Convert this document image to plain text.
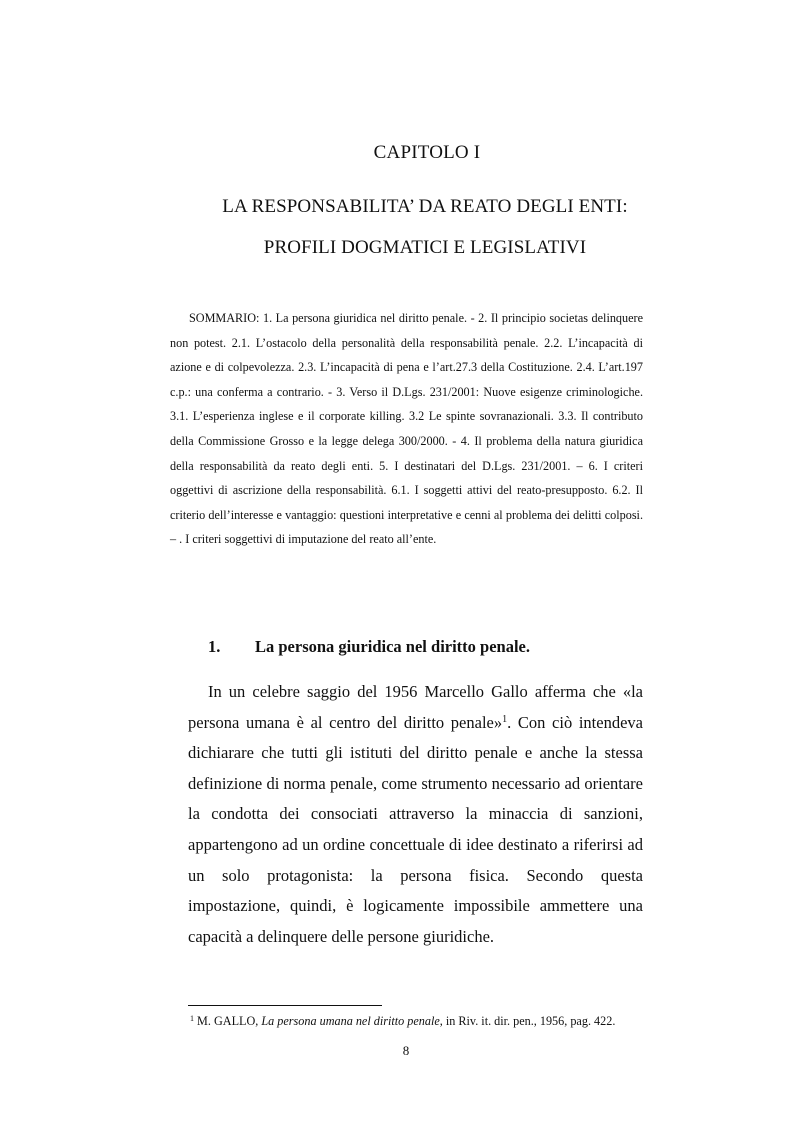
CAPITOLO I
LA RESPONSABILITA’ DA REATO DEGLI ENTI:
PROFILI DOGMATICI E LEGISLATIVI

SOMMARIO: 1. La persona giuridica nel diritto penale. - 2. Il principio societas delinquere non potest. 2.1. L’ostacolo della personalità della responsabilità penale. 2.2. L’incapacità di azione e di colpevolezza. 2.3. L’incapacità di pena e l’art.27.3 della Costituzione. 2.4. L’art.197 c.p.: una conferma a contrario. - 3. Verso il D.Lgs. 231/2001: Nuove esigenze criminologiche. 3.1. L’esperienza inglese e il corporate killing. 3.2 Le spinte sovranazionali. 3.3. Il contributo della Commissione Grosso e la legge delega 300/2000. - 4. Il problema della natura giuridica della responsabilità da reato degli enti. 5. I destinatari del D.Lgs. 231/2001. – 6. I criteri oggettivi di ascrizione della responsabilità. 6.1. I soggetti attivi del reato-presupposto. 6.2. Il criterio dell’interesse e vantaggio: questioni interpretative e cenni al problema dei delitti colposi. – . I criteri soggettivi di imputazione del reato all’ente.

1. La persona giuridica nel diritto penale.

In un celebre saggio del 1956 Marcello Gallo afferma che «la persona umana è al centro del diritto penale»$^1$. Con ciò intendeva dichiarare che tutti gli istituti del diritto penale e anche la stessa definizione di norma penale, come strumento necessario ad orientare la condotta dei consociati attraverso la minaccia di sanzioni, appartengono ad un ordine concettuale di idee destinato a riferirsi ad un solo protagonista: la persona fisica. Secondo questa impostazione, quindi, è logicamente impossibile ammettere una capacità a delinquere delle persone giuridiche.

$^1$ M. GALLO, La persona umana nel diritto penale, in Riv. it. dir. pen., 1956, pag. 422.
8
